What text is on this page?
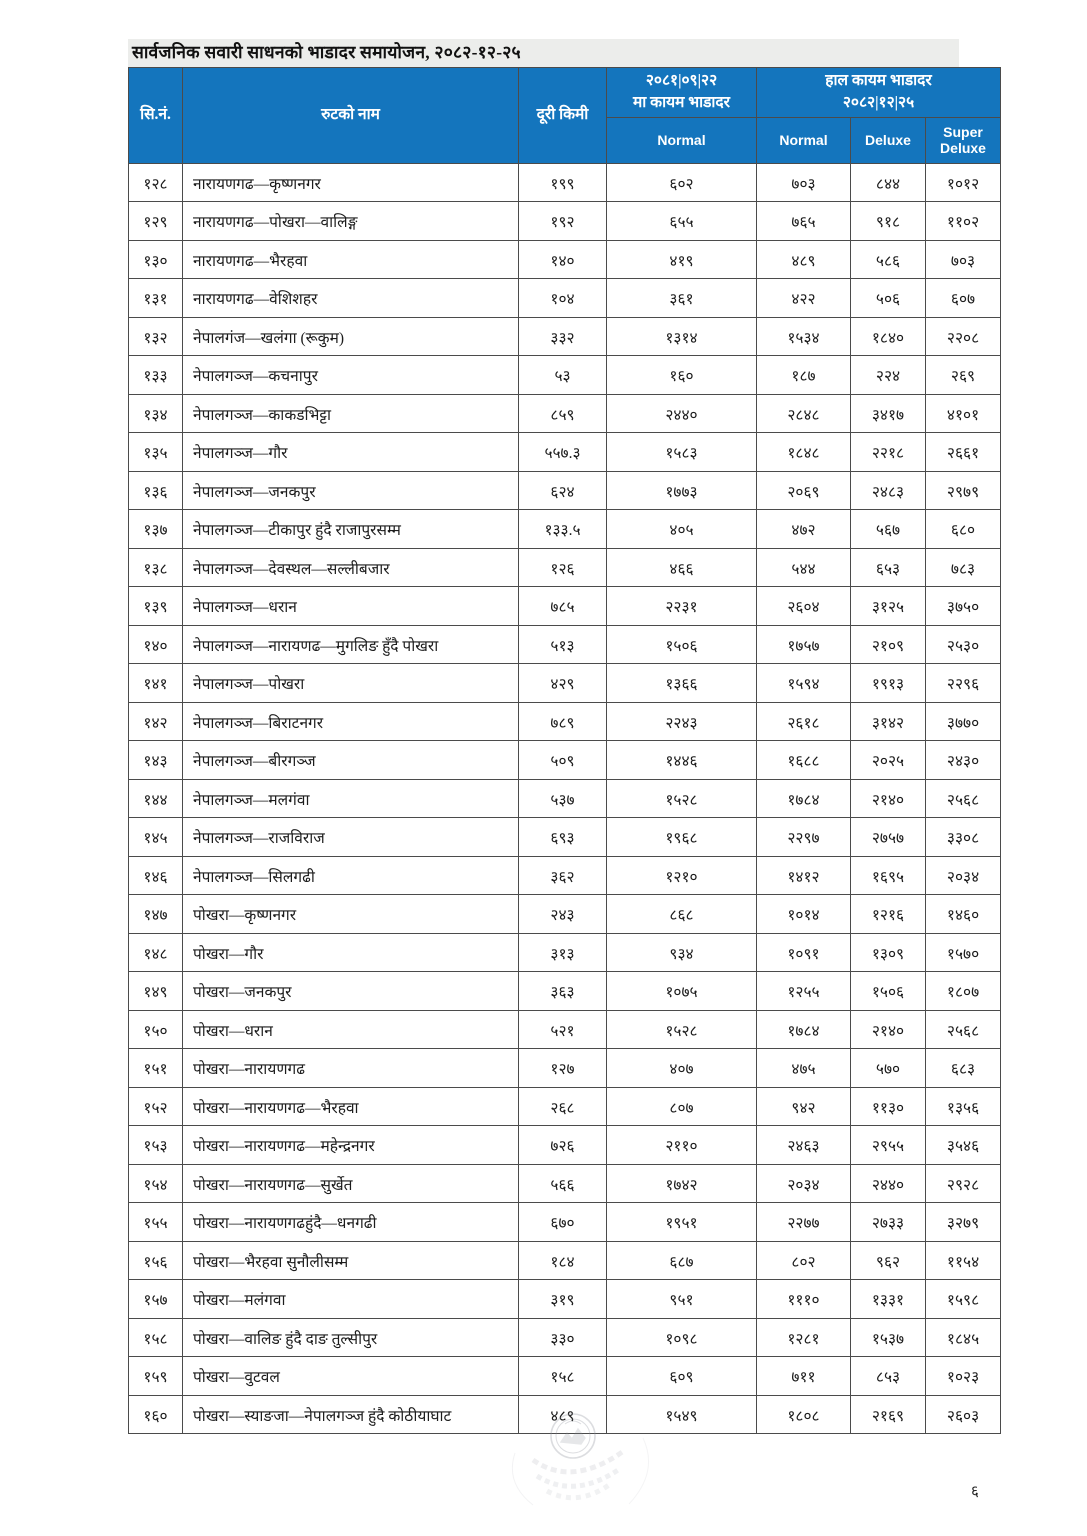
सार्वजनिक सवारी साधनको भाडादर समायोजन, २०८२-१२-२५
सि.नं.	रुटको नाम	दूरी किमी	
२०८१|०९|२२
मा कायम भाडादर

हाल कायम भाडादर
२०८२|१२|२५

			Normal	Normal	Deluxe	Super Deluxe
१२८	नारायणगढ—कृष्णनगर	१९९	६०२	७०३	८४४	१०१२
१२९	नारायणगढ—पोखरा—वालिङ्ग	१९२	६५५	७६५	९१८	११०२
१३०	नारायणगढ—भैरहवा	१४०	४१९	४८९	५८६	७०३
१३१	नारायणगढ—वेशिशहर	१०४	३६१	४२२	५०६	६०७
१३२	नेपालगंज—खलंगा (रूकुम)	३३२	१३१४	१५३४	१८४०	२२०८
१३३	नेपालगञ्ज—कचनापुर	५३	१६०	१८७	२२४	२६९
१३४	नेपालगञ्ज—काकडभिट्टा	८५९	२४४०	२८४८	३४१७	४१०१
१३५	नेपालगञ्ज—गौर	५५७.३	१५८३	१८४८	२२१८	२६६१
१३६	नेपालगञ्ज—जनकपुर	६२४	१७७३	२०६९	२४८३	२९७९
१३७	नेपालगञ्ज—टीकापुर हुंदै राजापुरसम्म	१३३.५	४०५	४७२	५६७	६८०
१३८	नेपालगञ्ज—देवस्थल—सल्लीबजार	१२६	४६६	५४४	६५३	७८३
१३९	नेपालगञ्ज—धरान	७८५	२२३१	२६०४	३१२५	३७५०
१४०	नेपालगञ्ज—नारायणढ—मुगलिङ हुँदै पोखरा	५१३	१५०६	१७५७	२१०९	२५३०
१४१	नेपालगञ्ज—पोखरा	४२९	१३६६	१५९४	१९१३	२२९६
१४२	नेपालगञ्ज—बिराटनगर	७८९	२२४३	२६१८	३१४२	३७७०
१४३	नेपालगञ्ज—बीरगञ्ज	५०९	१४४६	१६८८	२०२५	२४३०
१४४	नेपालगञ्ज—मलगंवा	५३७	१५२८	१७८४	२१४०	२५६८
१४५	नेपालगञ्ज—राजविराज	६९३	१९६८	२२९७	२७५७	३३०८
१४६	नेपालगञ्ज—सिलगढी	३६२	१२१०	१४१२	१६९५	२०३४
१४७	पोखरा—कृष्णनगर	२४३	८६८	१०१४	१२१६	१४६०
१४८	पोखरा—गौर	३१३	९३४	१०९१	१३०९	१५७०
१४९	पोखरा—जनकपुर	३६३	१०७५	१२५५	१५०६	१८०७
१५०	पोखरा—धरान	५२१	१५२८	१७८४	२१४०	२५६८
१५१	पोखरा—नारायणगढ	१२७	४०७	४७५	५७०	६८३
१५२	पोखरा—नारायणगढ—भैरहवा	२६८	८०७	९४२	११३०	१३५६
१५३	पोखरा—नारायणगढ—महेन्द्रनगर	७२६	२११०	२४६३	२९५५	३५४६
१५४	पोखरा—नारायणगढ—सुर्खेत	५६६	१७४२	२०३४	२४४०	२९२८
१५५	पोखरा—नारायणगढहुंदै—धनगढी	६७०	१९५१	२२७७	२७३३	३२७९
१५६	पोखरा—भैरहवा सुनौलीसम्म	१८४	६८७	८०२	९६२	११५४
१५७	पोखरा—मलंगवा	३१९	९५१	१११०	१३३१	१५९८
१५८	पोखरा—वालिङ हुंदै दाङ तुल्सीपुर	३३०	१०९८	१२८१	१५३७	१८४५
१५९	पोखरा—वुटवल	१५८	६०९	७११	८५३	१०२३
१६०	पोखरा—स्याङजा—नेपालगञ्ज हुंदै कोठीयाघाट	४८९	१५४९	१८०८	२१६९	२६०३
६
